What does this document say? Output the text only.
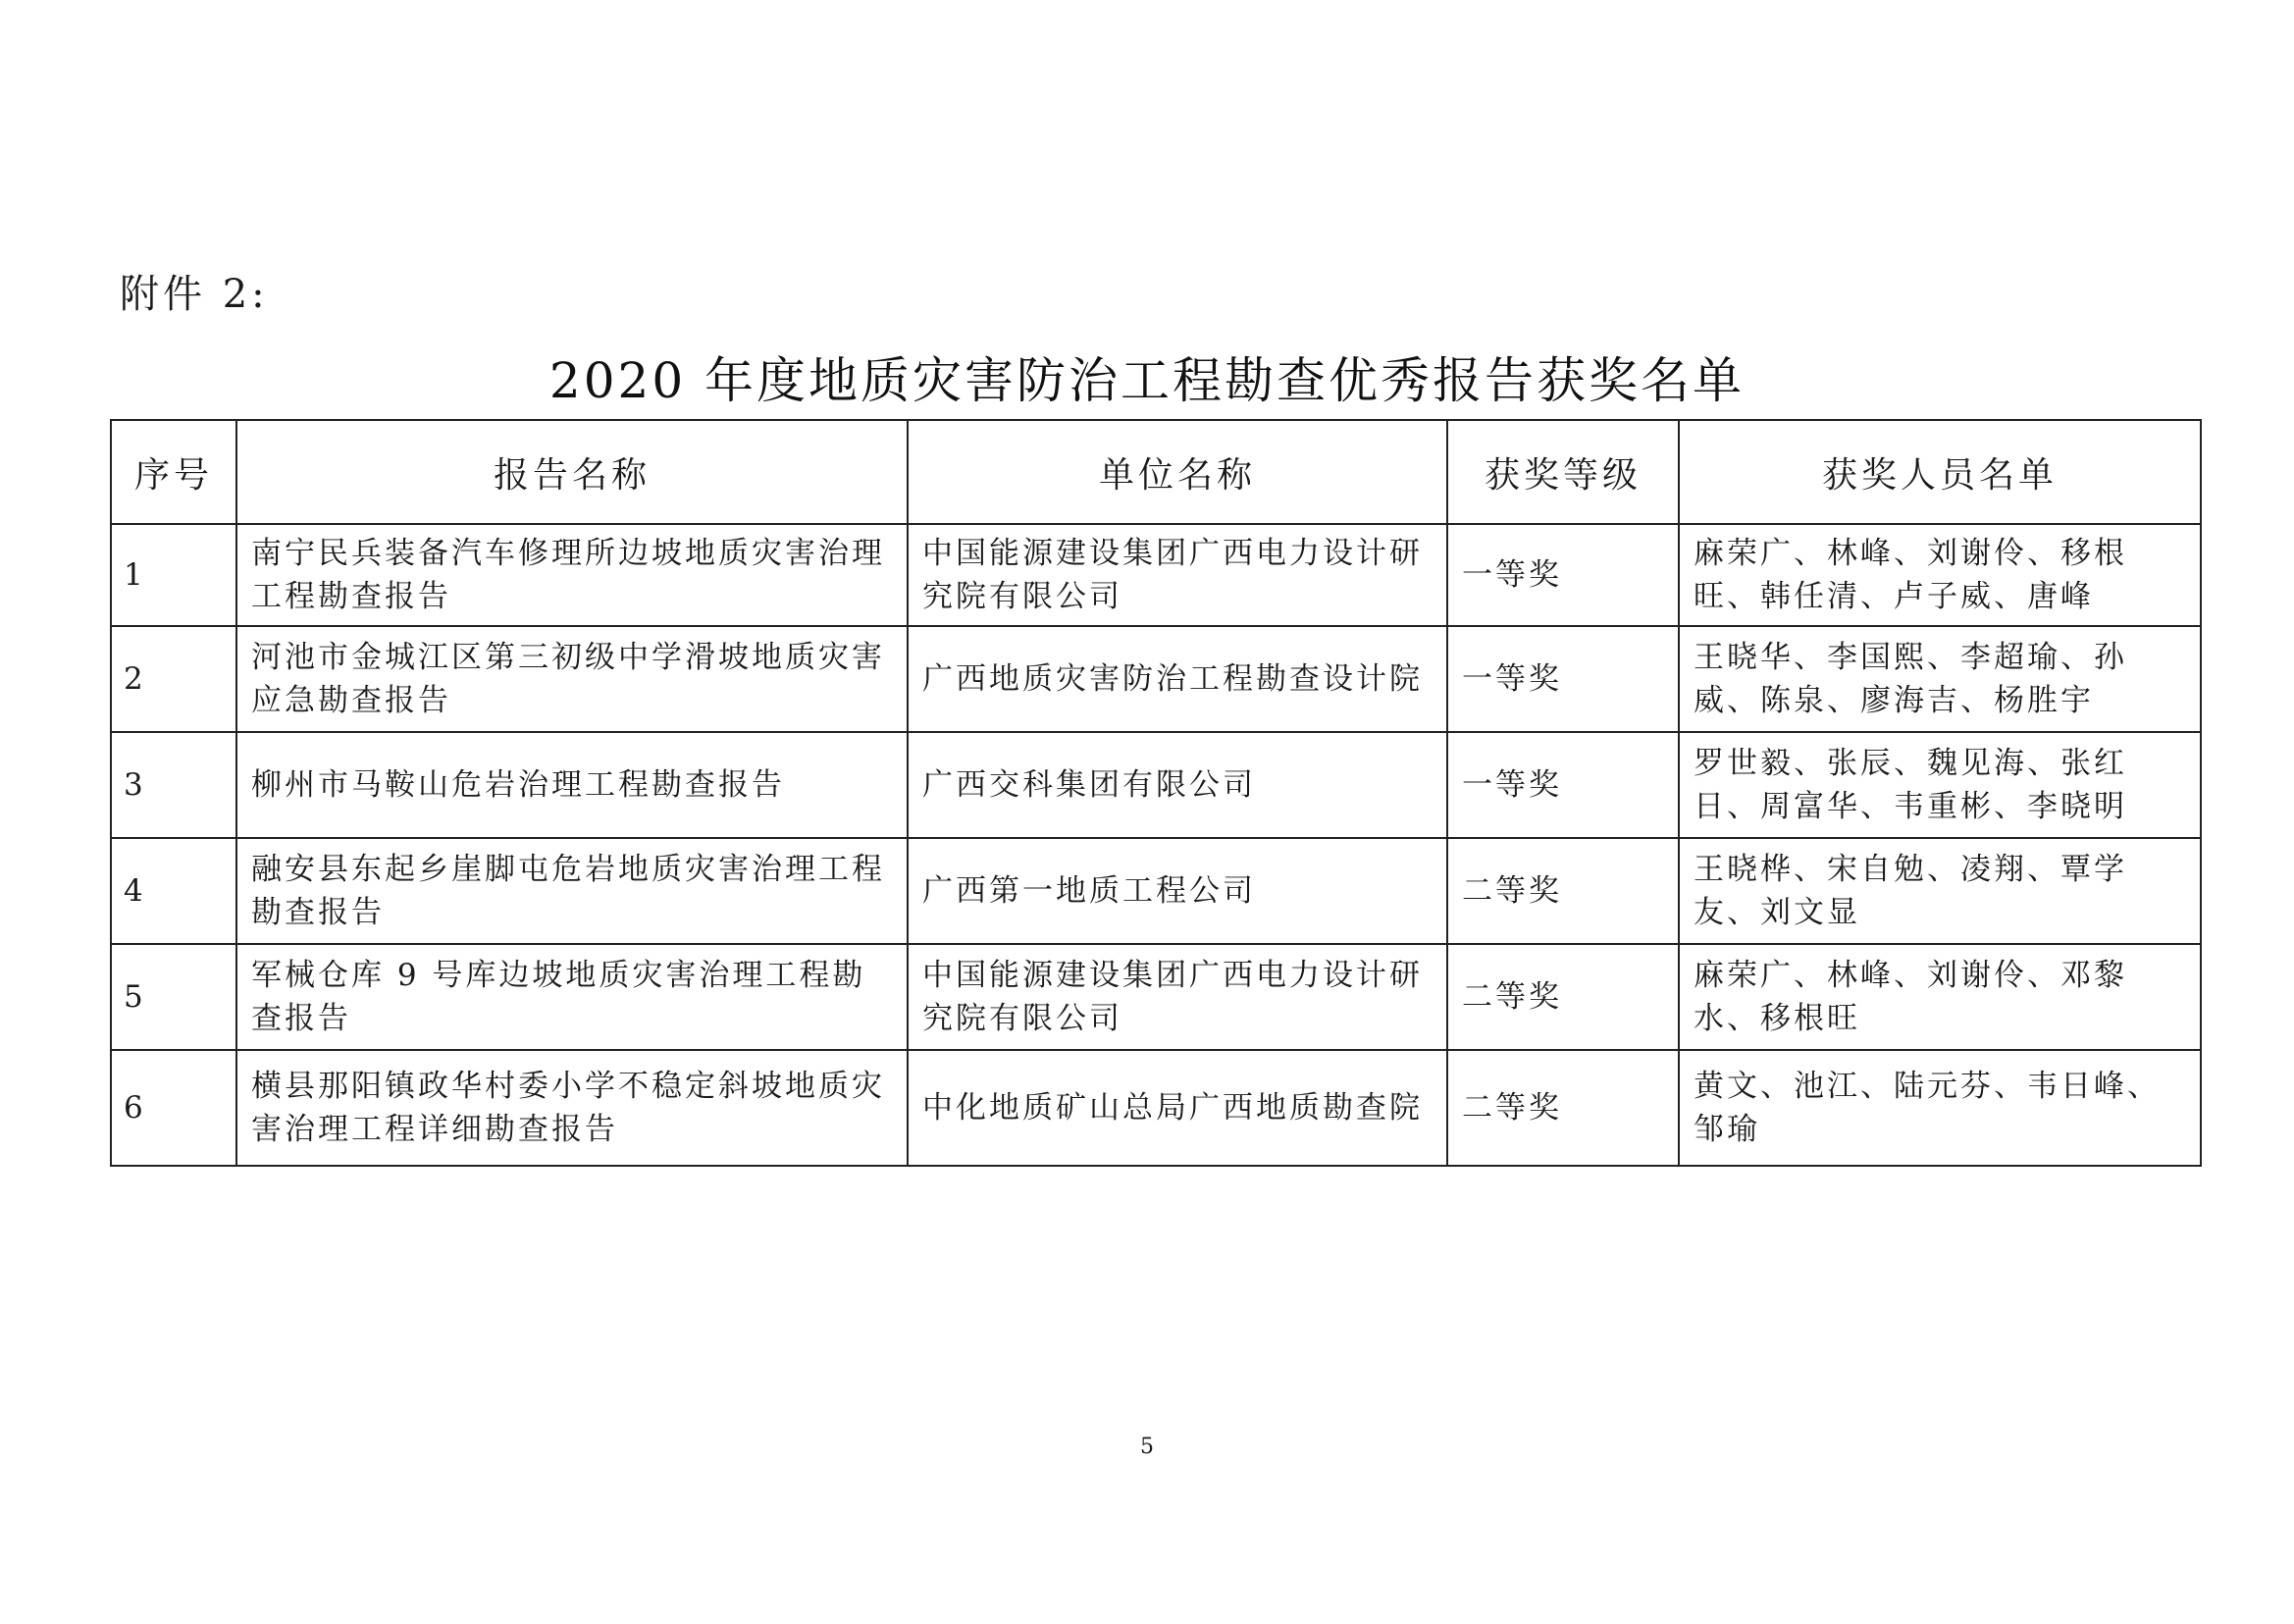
附件 2:
2020 年度地质灾害防治工程勘查优秀报告获奖名单
序号	报告名称	单位名称	获奖等级	获奖人员名单
1	南宁民兵装备汽车修理所边坡地质灾害治理工程勘查报告	中国能源建设集团广西电力设计研究院有限公司	一等奖	麻荣广、林峰、刘谢伶、移根旺、韩任清、卢子威、唐峰
2	河池市金城江区第三初级中学滑坡地质灾害应急勘查报告	广西地质灾害防治工程勘查设计院	一等奖	王晓华、李国熙、李超瑜、孙威、陈泉、廖海吉、杨胜宇
3	柳州市马鞍山危岩治理工程勘查报告	广西交科集团有限公司	一等奖	罗世毅、张辰、魏见海、张红日、周富华、韦重彬、李晓明
4	融安县东起乡崖脚屯危岩地质灾害治理工程勘查报告	广西第一地质工程公司	二等奖	王晓桦、宋自勉、凌翔、覃学友、刘文显
5	军械仓库 9 号库边坡地质灾害治理工程勘查报告	中国能源建设集团广西电力设计研究院有限公司	二等奖	麻荣广、林峰、刘谢伶、邓黎水、移根旺
6	横县那阳镇政华村委小学不稳定斜坡地质灾害治理工程详细勘查报告	中化地质矿山总局广西地质勘查院	二等奖	黄文、池江、陆元芬、韦日峰、邹瑜
5
